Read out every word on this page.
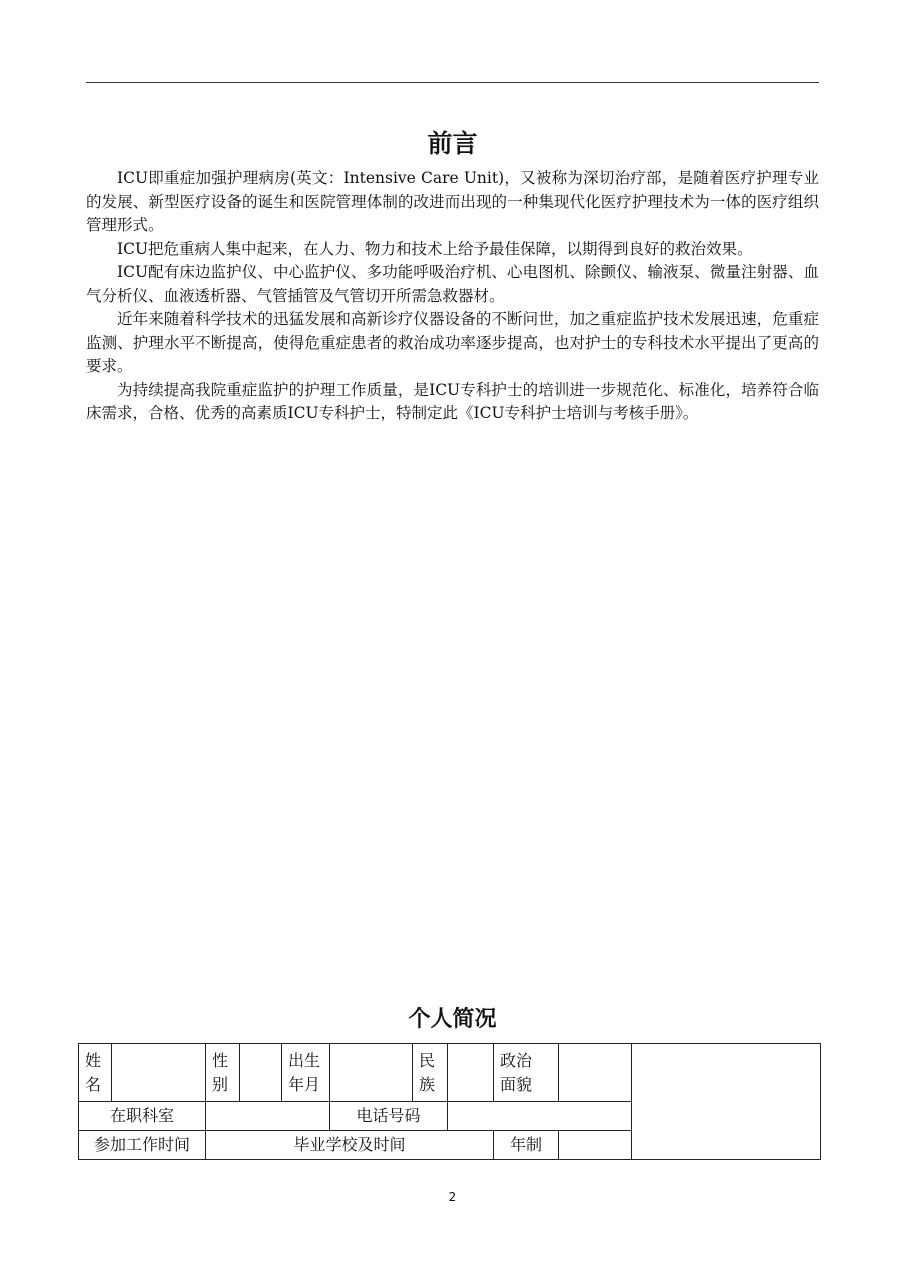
前言

ICU即重症加强护理病房(英文：Intensive Care Unit)，又被称为深切治疗部，是随着医疗护理专业的发展、新型医疗设备的诞生和医院管理体制的改进而出现的一种集现代化医疗护理技术为一体的医疗组织管理形式。

ICU把危重病人集中起来，在人力、物力和技术上给予最佳保障，以期得到良好的救治效果。

ICU配有床边监护仪、中心监护仪、多功能呼吸治疗机、心电图机、除颤仪、输液泵、微量注射器、血气分析仪、血液透析器、气管插管及气管切开所需急救器材。

近年来随着科学技术的迅猛发展和高新诊疗仪器设备的不断问世，加之重症监护技术发展迅速，危重症监测、护理水平不断提高，使得危重症患者的救治成功率逐步提高，也对护士的专科技术水平提出了更高的要求。

为持续提高我院重症监护的护理工作质量，是ICU专科护士的培训进一步规范化、标准化，培养符合临床需求，合格、优秀的高素质ICU专科护士，特制定此《ICU专科护士培训与考核手册》。

个人简况
姓名		性别		出生年月		民族		政治面貌		
在职科室					电话号码					
参加工作时间		毕业学校及时间						年制		
2
